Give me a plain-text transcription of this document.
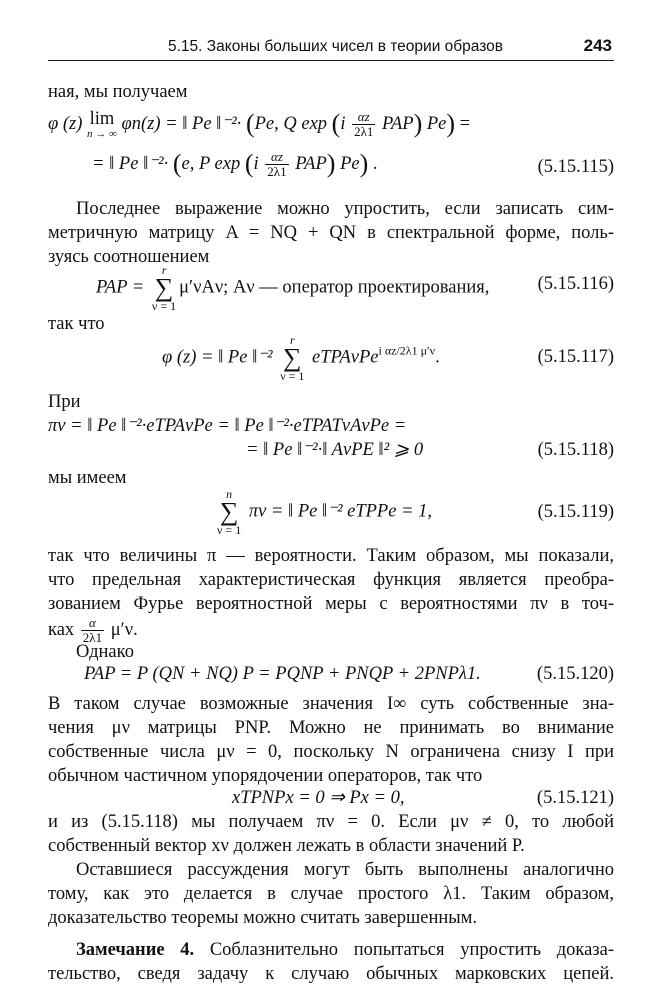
5.15. Законы больших чисел в теории образов	243
ная, мы получаем
φ (z) lim
n → ∞
φn(z) = ‖ Pe ‖⁻²· (Pe, Q $\exp (i \frac{\alpha z}{2\lambda 1} PAP)$ Pe) =
= ‖ Pe ‖⁻²· (e, P $\exp (i \frac{\alpha z}{2\lambda 1} PAP)$ Pe) .	(5.15.115)
Последнее выражение можно упростить, если записать сим-
метричную матрицу A = NQ + QN в спектральной форме, поль-
зуясь соотношением
PAP =
r
∑
ν = 1
μ′νAν; Aν — оператор проектирования,	(5.15.116)
так что
φ (z) = ‖ Pe ‖⁻²
r
∑
ν = 1
eTPAνPe$^{i \alpha z/2\lambda 1 \mu'\nu}$.	(5.15.117)
При
πν = ‖ Pe ‖⁻²·eTPAνPe = ‖ Pe ‖⁻²·eTPATνAνPe =
= ‖ Pe ‖⁻²·‖ AνPE ‖² ⩾ 0	(5.15.118)
мы имеем
n
∑
ν = 1
πν = ‖ Pe ‖⁻² eTPPe = 1,	(5.15.119)
так что величины π — вероятности. Таким образом, мы показали,
что предельная характеристическая функция является преобра-
зованием Фурье вероятностной меры с вероятностями πν в точ-
ках $\frac{\alpha}{2\lambda 1} \mu'\nu$.
Однако
PAP = P (QN + NQ) P = PQNP + PNQP + 2PNPλ1.	(5.15.120)
В таком случае возможные значения I∞ суть собственные зна-
чения μν матрицы PNP. Можно не принимать во внимание
собственные числа μν = 0, поскольку N ограничена снизу I при
обычном частичном упорядочении операторов, так что
xTPNPx = 0 ⇒ Px = 0,	(5.15.121)
и из (5.15.118) мы получаем πν = 0. Если μν ≠ 0, то любой
собственный вектор xν должен лежать в области значений P.
Оставшиеся рассуждения могут быть выполнены аналогично
тому, как это делается в случае простого λ1. Таким образом,
доказательство теоремы можно считать завершенным.
Замечание 4. Соблазнительно попытаться упростить доказа-
тельство, сведя задачу к случаю обычных марковских цепей.
